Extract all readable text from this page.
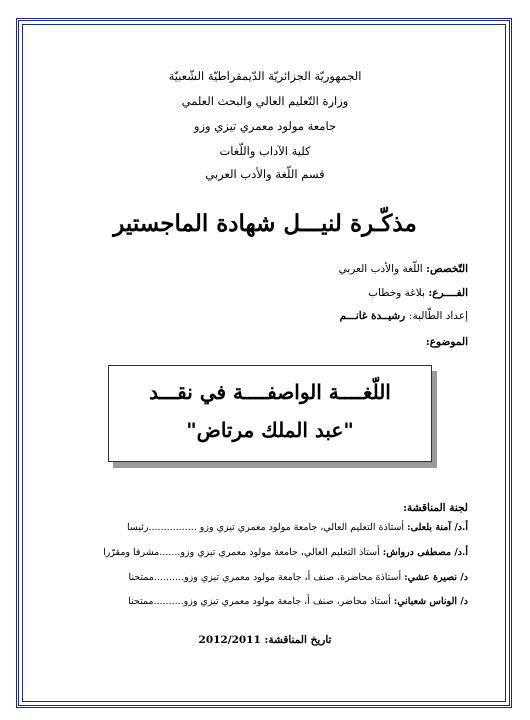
الجمهوريّة الجزائريّة الدّيمقراطيّة الشّعبيّة
وزارة التّعليم العالي والبحث العلمي
جامعة مولود معمري تيزي وزو
كلية الآداب واللّغات
قسم اللّغة والأدب العربي
مذكّـرة لنيـــل شهادة الماجستير
التّخصص: اللّغة والأدب العربي
الفــــرع: بلاغة وخطاب
إعداد الطّالبة: رشيــدة غانـــم
الموضوع:
اللّغــــة الواصفــــة في نقـــد
"عبد الملك مرتاض"
لجنة المناقشة:
أ.د/ آمنة بلعلى: أستاذة التعليم العالي، جامعة مولود معمري تيزي وزو ................رئيسا
أ.د/ مصطفى درواش: أستاذ التعليم العالي، جامعة مولود معمري تيزي وزو.......مشرفا ومقرّرا
د/ نصيرة عشي: أستاذة محاضرة، صنف أ، جامعة مولود معمري تيزي وزو..........ممتحنا
د/ الوناس شعباني: أستاذ محاضر، صنف أ، جامعة مولود معمري تيزي وزو..........ممتحنا
تاريخ المناقشة: 2012/2011
